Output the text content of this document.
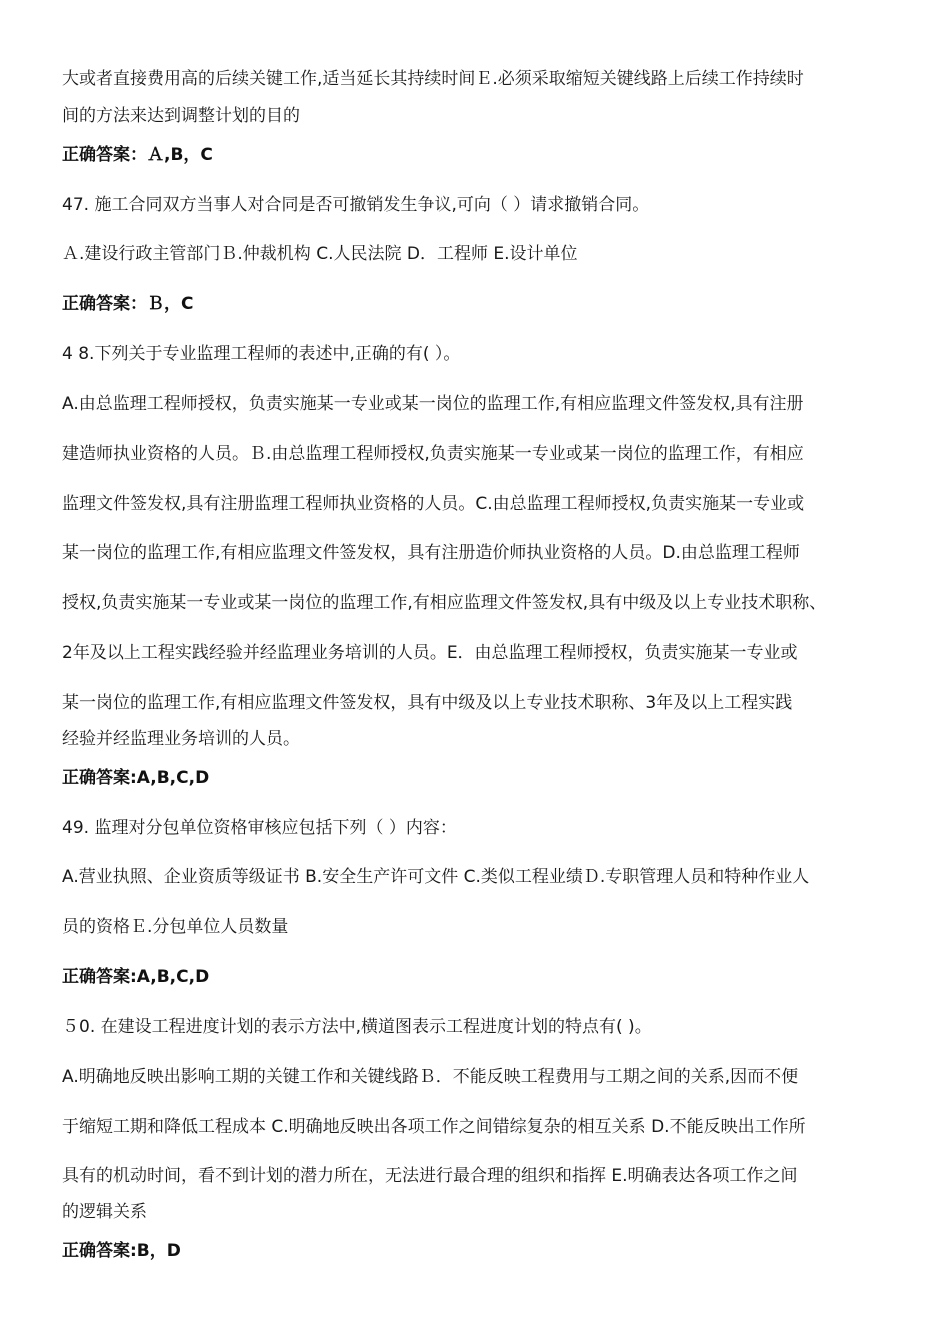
大或者直接费用高的后续关键工作,适当延长其持续时间Ｅ.必须采取缩短关键线路上后续工作持续时
间的方法来达到调整计划的目的
正确答案：Ａ,B，C
47. 施工合同双方当事人对合同是否可撤销发生争议,可向（ ）请求撤销合同。
Ａ.建设行政主管部门Ｂ.仲裁机构 C.人民法院 D．工程师 E.设计单位
正确答案：Ｂ，C
4 8.下列关于专业监理工程师的表述中,正确的有( ）。
A.由总监理工程师授权，负责实施某一专业或某一岗位的监理工作,有相应监理文件签发权,具有注册
建造师执业资格的人员。Ｂ.由总监理工程师授权,负责实施某一专业或某一岗位的监理工作，有相应
监理文件签发权,具有注册监理工程师执业资格的人员。C.由总监理工程师授权,负责实施某一专业或
某一岗位的监理工作,有相应监理文件签发权，具有注册造价师执业资格的人员。D.由总监理工程师
授权,负责实施某一专业或某一岗位的监理工作,有相应监理文件签发权,具有中级及以上专业技术职称、
2年及以上工程实践经验并经监理业务培训的人员。E．由总监理工程师授权，负责实施某一专业或
某一岗位的监理工作,有相应监理文件签发权，具有中级及以上专业技术职称、3年及以上工程实践
经验并经监理业务培训的人员。
正确答案:A,B,C,D
49. 监理对分包单位资格审核应包括下列（ ）内容：
A.营业执照、企业资质等级证书 B.安全生产许可文件 C.类似工程业绩Ｄ.专职管理人员和特种作业人
员的资格Ｅ.分包单位人员数量
正确答案:A,B,C,D
５0. 在建设工程进度计划的表示方法中,横道图表示工程进度计划的特点有( )。
A.明确地反映出影响工期的关键工作和关键线路Ｂ．不能反映工程费用与工期之间的关系,因而不便
于缩短工期和降低工程成本 C.明确地反映出各项工作之间错综复杂的相互关系 D.不能反映出工作所
具有的机动时间，看不到计划的潜力所在，无法进行最合理的组织和指挥 E.明确表达各项工作之间
的逻辑关系
正确答案:B，D
